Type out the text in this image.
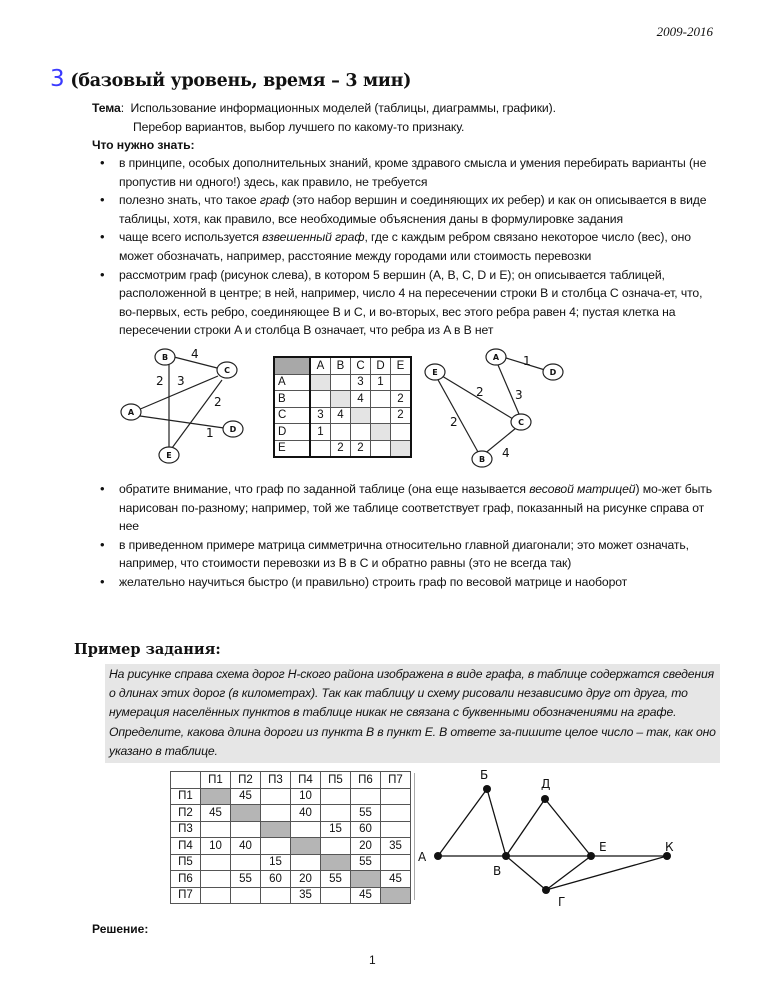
2009-2016
3 (базовый уровень, время – 3 мин)
Тема:  Использование информационных моделей (таблицы, диаграммы, графики).
Перебор вариантов, выбор лучшего по какому-то признаку.
Что нужно знать:
• в принципе, особых дополнительных знаний, кроме здравого смысла и умения перебирать варианты (не пропустив ни одного!) здесь, как правило, не требуется
• полезно знать, что такое граф (это набор вершин и соединяющих их ребер) и как он описывается в виде таблицы, хотя, как правило, все необходимые объяснения даны в формулировке задания
• чаще всего используется взвешенный граф, где с каждым ребром связано некоторое число (вес), оно может обозначать, например, расстояние между городами или стоимость перевозки
• рассмотрим граф (рисунок слева), в котором 5 вершин (A, B, C, D и E); он описывается таблицей, расположенной в центре; в ней, например, число 4 на пересечении строки B и столбца C означа-ет, что, во-первых, есть ребро, соединяющее B и C, и во-вторых, вес этого ребра равен 4; пустая клетка на пересечении строки A и столбца B означает, что ребра из A в B нет
B
C
A
D
E
4
2 3
2
1
	A	B	C	D	E
A			3	1	
B			4		2
C	3	4			2
D	1				
E		2	2		
A
D
E
C
B
1
3
2
2
4
• обратите внимание, что граф по заданной таблице (она еще называется весовой матрицей) мо-жет быть нарисован по-разному; например, той же таблице соответствует граф, показанный на рисунке справа от нее
• в приведенном примере матрица симметрична относительно главной диагонали; это может означать, например, что стоимости перевозки из B в C и обратно равны (это не всегда так)
• желательно научиться быстро (и правильно) строить граф по весовой матрице и наоборот
Пример задания:
На рисунке справа схема дорог Н-ского района изображена в виде графа, в таблице содержатся сведения о длинах этих дорог (в километрах). Так как таблицу и схему рисовали независимо друг от друга, то нумерация населённых пунктов в таблице никак не связана с буквенными обозначениями на графе. Определите, какова длина дороги из пункта В в пункт Е. В ответе за-пишите целое число – так, как оно указано в таблице.
	П1	П2	П3	П4	П5	П6	П7
П1		45		10			
П2	45			40		55	
П3					15	60	
П4	10	40				20	35
П5			15			55	
П6		55	60	20	55		45
П7				35		45	
А
Б
В
Г
Д
Е	К
Решение:
1
